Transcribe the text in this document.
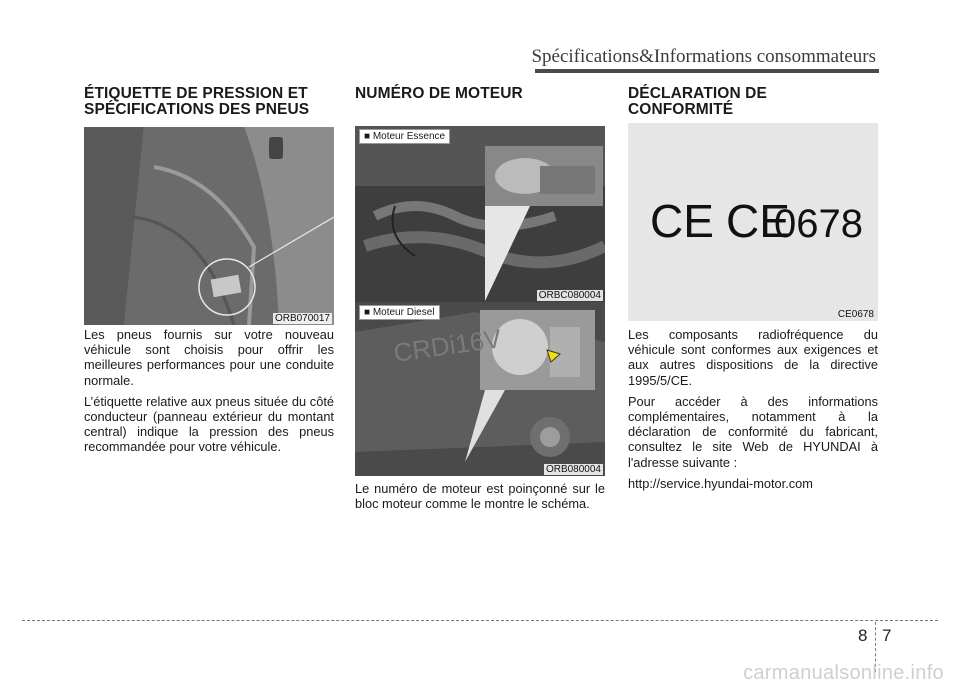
Spécifications&Informations consommateurs
ÉTIQUETTE DE PRESSION ET
SPÉCIFICATIONS DES PNEUS
ORB070017

Les pneus fournis sur votre nouveau véhicule sont choisis pour offrir les meilleures performances pour une conduite normale.

L’étiquette relative aux pneus située du côté conducteur (panneau extérieur du montant central) indique la pression des pneus recommandée pour votre véhicule.

NUMÉRO DE MOTEUR
■ Moteur Essence
ORBC080004
CRDi16V
■ Moteur Diesel
ORB080004

Le numéro de moteur est poinçonné sur le bloc moteur comme le montre le schéma.

DÉCLARATION DE
CONFORMITÉ
CE CE
0678
CE0678

Les composants radiofréquence du véhicule sont conformes aux exigences et aux autres dispositions de la directive 1995/5/CE.

Pour accéder à des informations complémentaires, notamment à la déclaration de conformité du fabricant, consultez le site Web de HYUNDAI à l'adresse suivante :

http://service.hyundai-motor.com

8 7
carmanualsonline.info
